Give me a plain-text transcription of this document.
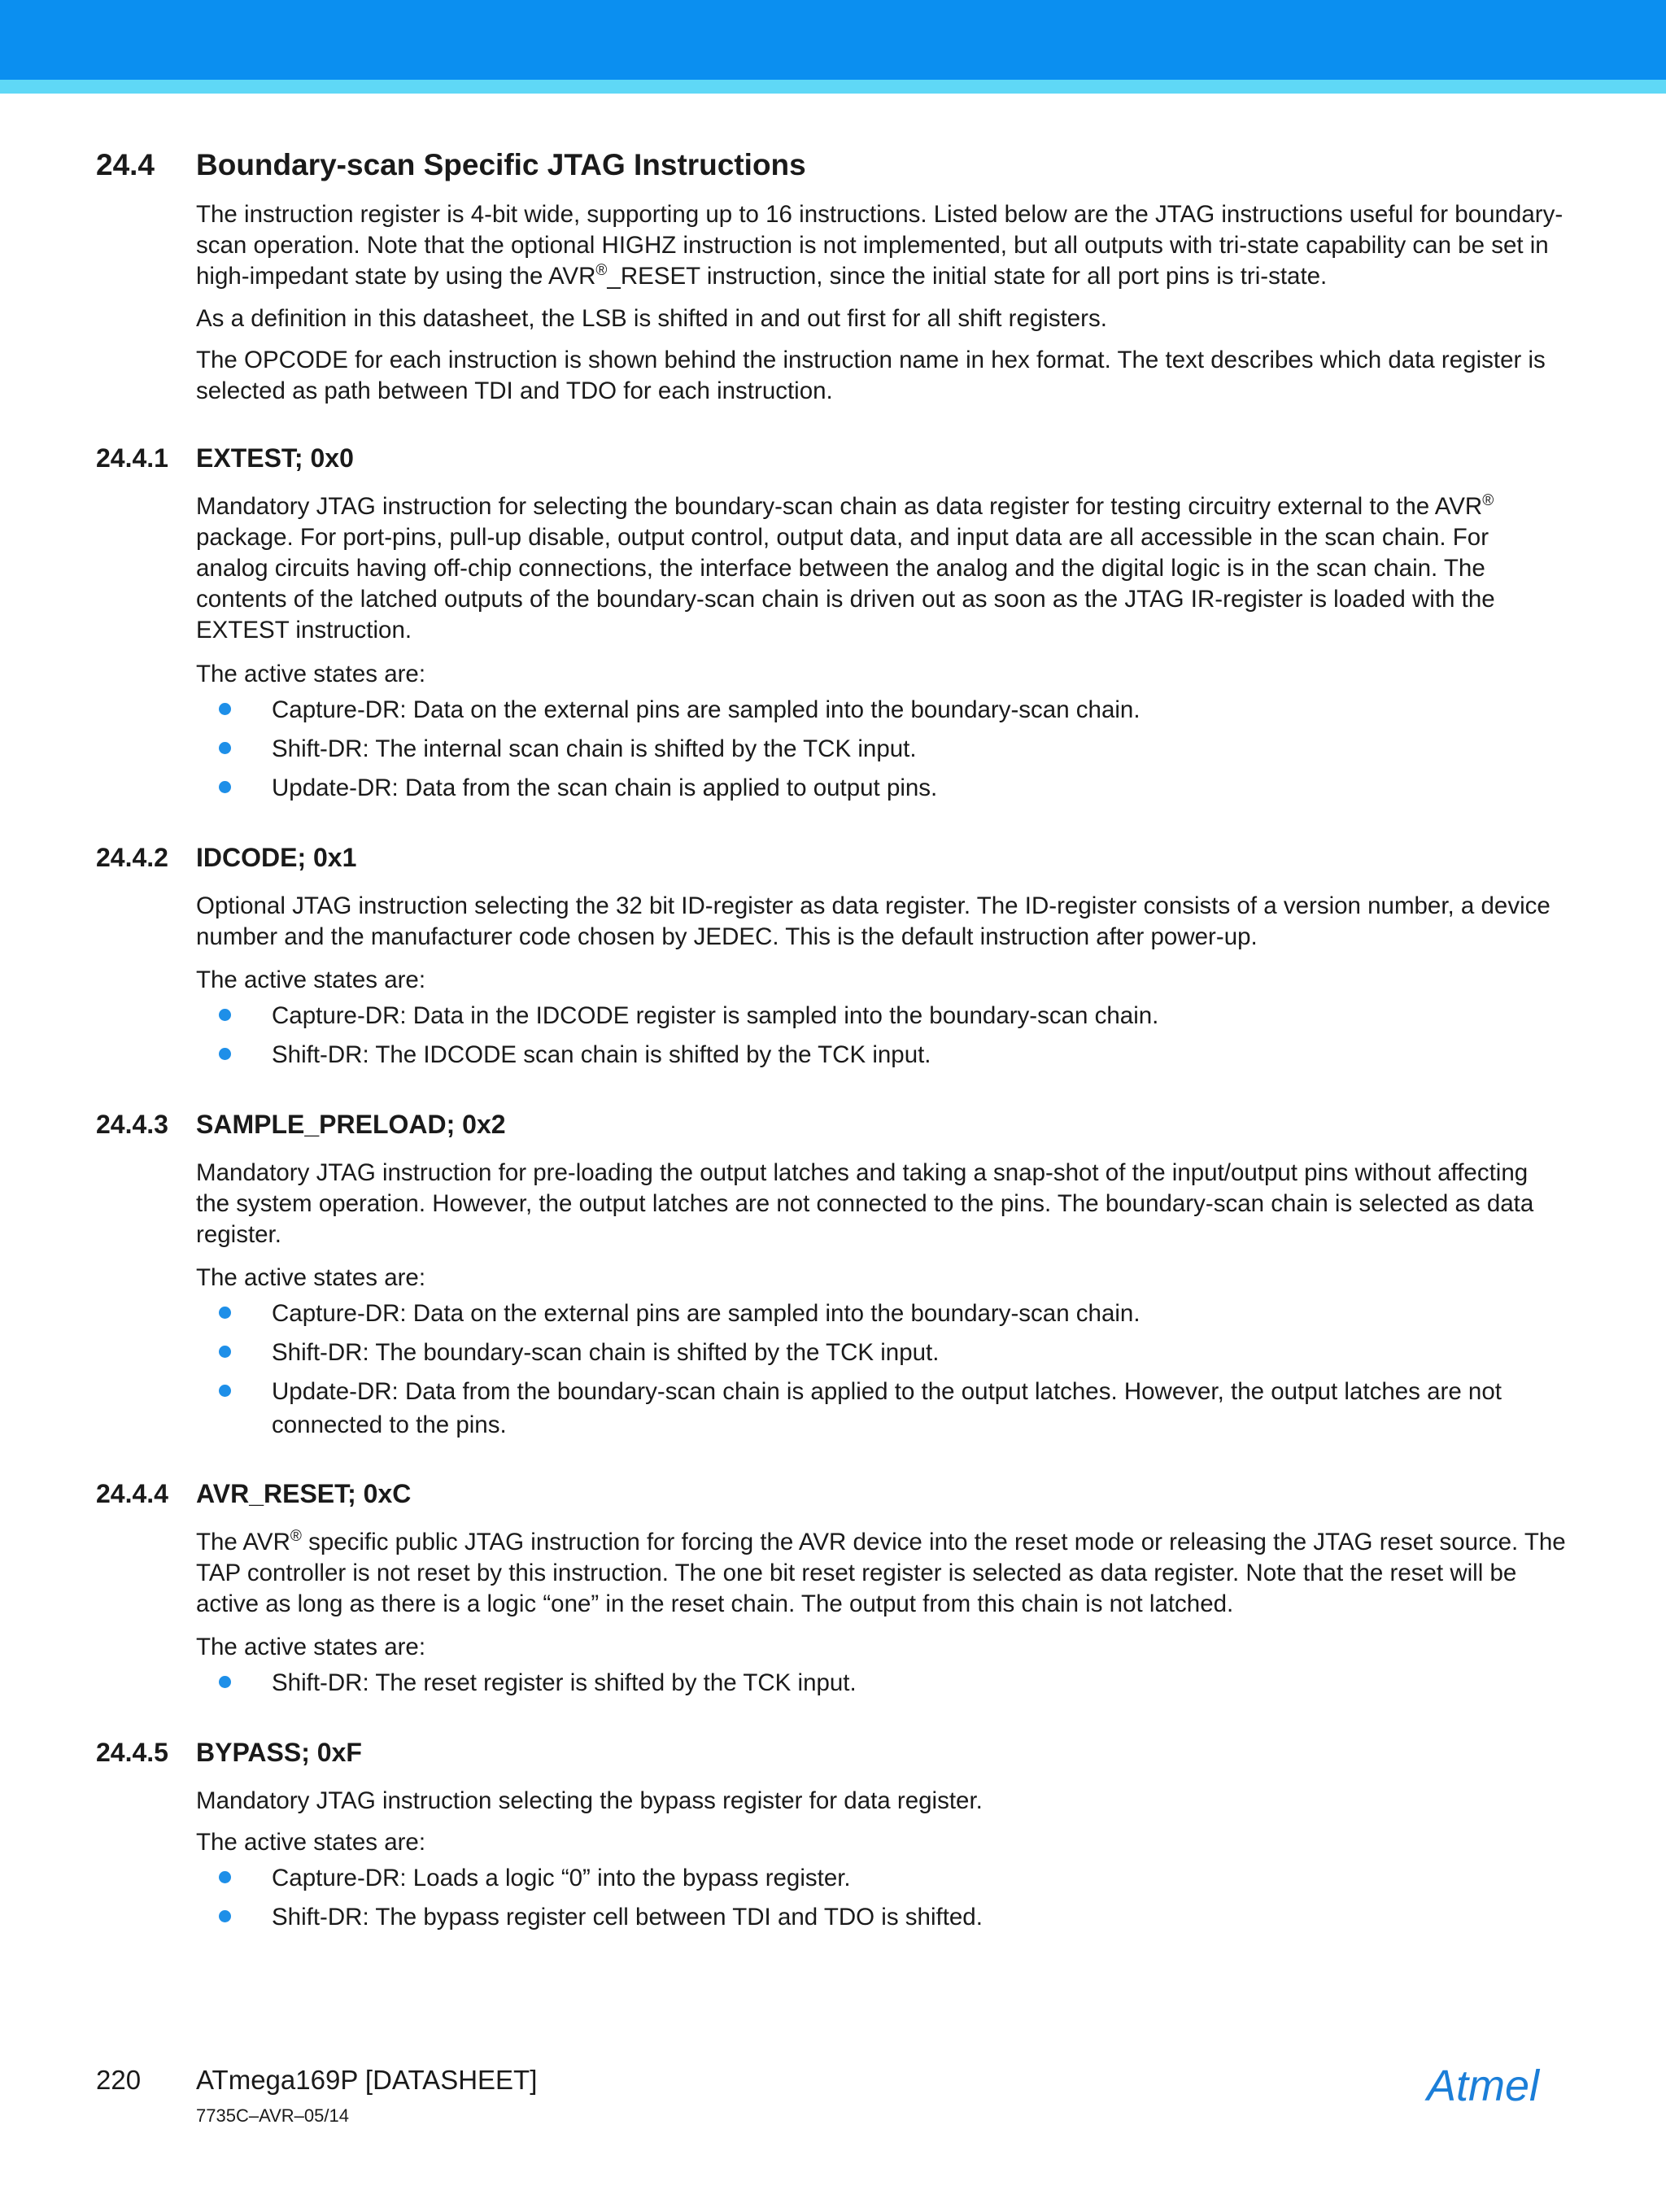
24.4 Boundary-scan Specific JTAG Instructions
The instruction register is 4-bit wide, supporting up to 16 instructions. Listed below are the JTAG instructions useful for boundary-scan operation. Note that the optional HIGHZ instruction is not implemented, but all outputs with tri-state capability can be set in high-impedant state by using the AVR®_RESET instruction, since the initial state for all port pins is tri-state.
As a definition in this datasheet, the LSB is shifted in and out first for all shift registers.
The OPCODE for each instruction is shown behind the instruction name in hex format. The text describes which data register is selected as path between TDI and TDO for each instruction.
24.4.1 EXTEST; 0x0
Mandatory JTAG instruction for selecting the boundary-scan chain as data register for testing circuitry external to the AVR® package. For port-pins, pull-up disable, output control, output data, and input data are all accessible in the scan chain. For analog circuits having off-chip connections, the interface between the analog and the digital logic is in the scan chain. The contents of the latched outputs of the boundary-scan chain is driven out as soon as the JTAG IR-register is loaded with the EXTEST instruction.
The active states are:
Capture-DR: Data on the external pins are sampled into the boundary-scan chain.
Shift-DR: The internal scan chain is shifted by the TCK input.
Update-DR: Data from the scan chain is applied to output pins.
24.4.2 IDCODE; 0x1
Optional JTAG instruction selecting the 32 bit ID-register as data register. The ID-register consists of a version number, a device number and the manufacturer code chosen by JEDEC. This is the default instruction after power-up.
The active states are:
Capture-DR: Data in the IDCODE register is sampled into the boundary-scan chain.
Shift-DR: The IDCODE scan chain is shifted by the TCK input.
24.4.3 SAMPLE_PRELOAD; 0x2
Mandatory JTAG instruction for pre-loading the output latches and taking a snap-shot of the input/output pins without affecting the system operation. However, the output latches are not connected to the pins. The boundary-scan chain is selected as data register.
The active states are:
Capture-DR: Data on the external pins are sampled into the boundary-scan chain.
Shift-DR: The boundary-scan chain is shifted by the TCK input.
Update-DR: Data from the boundary-scan chain is applied to the output latches. However, the output latches are not connected to the pins.
24.4.4 AVR_RESET; 0xC
The AVR® specific public JTAG instruction for forcing the AVR device into the reset mode or releasing the JTAG reset source. The TAP controller is not reset by this instruction. The one bit reset register is selected as data register. Note that the reset will be active as long as there is a logic “one” in the reset chain. The output from this chain is not latched.
The active states are:
Shift-DR: The reset register is shifted by the TCK input.
24.4.5 BYPASS; 0xF
Mandatory JTAG instruction selecting the bypass register for data register.
The active states are:
Capture-DR: Loads a logic “0” into the bypass register.
Shift-DR: The bypass register cell between TDI and TDO is shifted.
220 ATmega169P [DATASHEET]
7735C–AVR–05/14
Atmel
